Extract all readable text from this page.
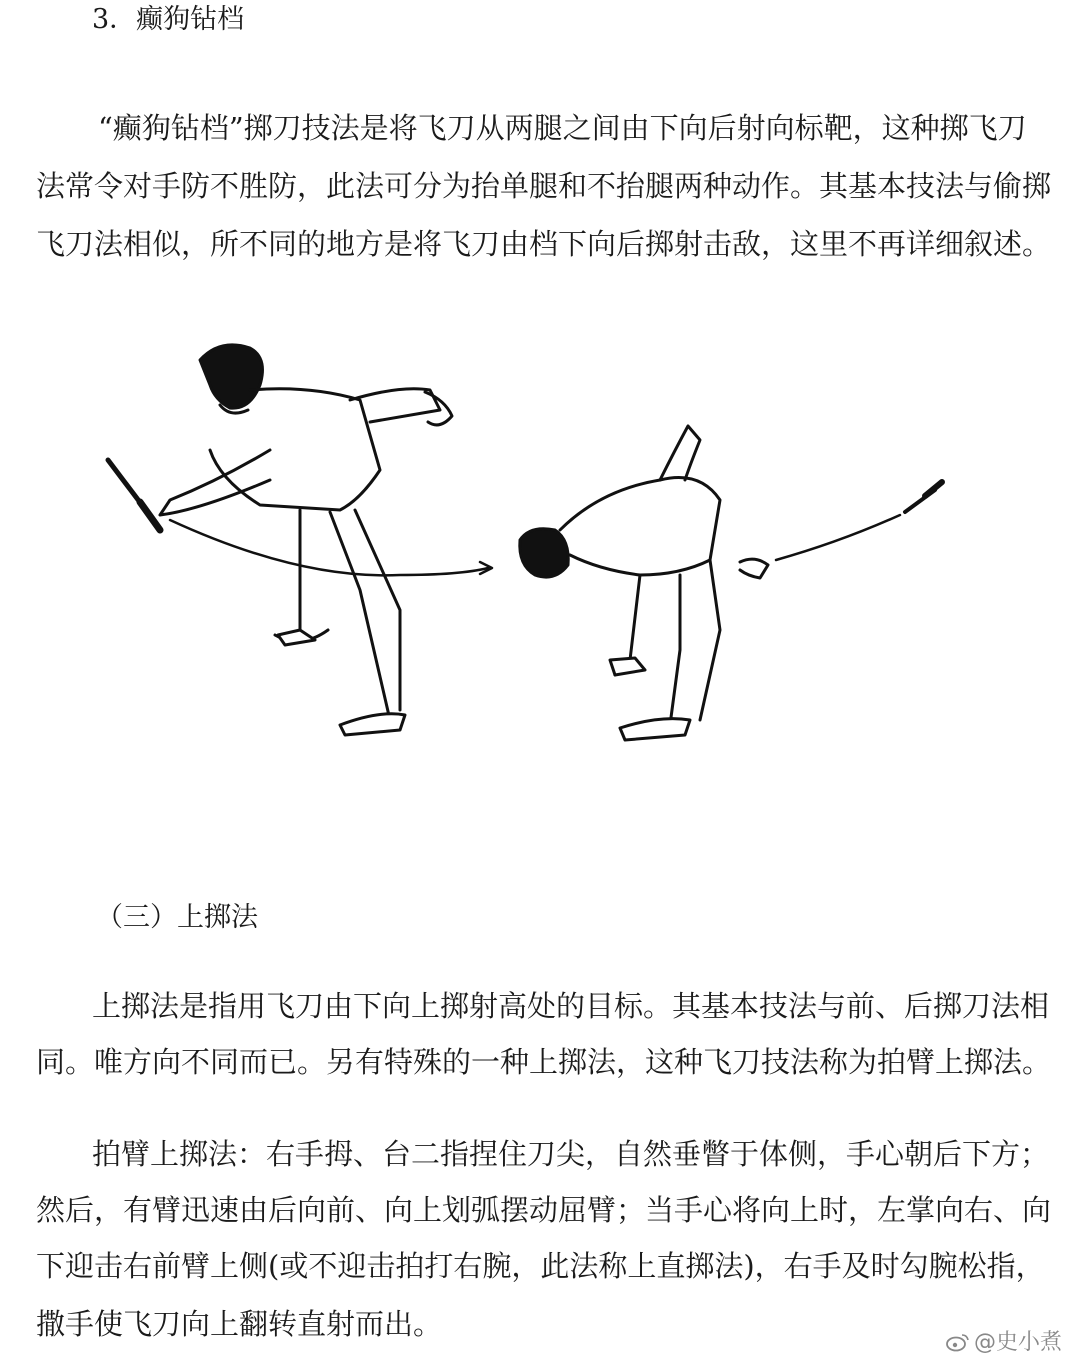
3．癫狗钻档
“癫狗钻档”掷刀技法是将飞刀从两腿之间由下向后射向标靶，这种掷飞刀
法常令对手防不胜防，此法可分为抬单腿和不抬腿两种动作。其基本技法与偷掷
飞刀法相似，所不同的地方是将飞刀由档下向后掷射击敌，这里不再详细叙述。
（三）上掷法
上掷法是指用飞刀由下向上掷射高处的目标。其基本技法与前、后掷刀法相
同。唯方向不同而已。另有特殊的一种上掷法，这种飞刀技法称为拍臂上掷法。
拍臂上掷法：右手拇、台二指捏住刀尖，自然垂瞥于体侧，手心朝后下方；
然后，有臂迅速由后向前、向上划弧摆动屈臂；当手心将向上时，左掌向右、向
下迎击右前臂上侧(或不迎击拍打右腕，此法称上直掷法)，右手及时勾腕松指，
撒手使飞刀向上翻转直射而出。
@史小煮
